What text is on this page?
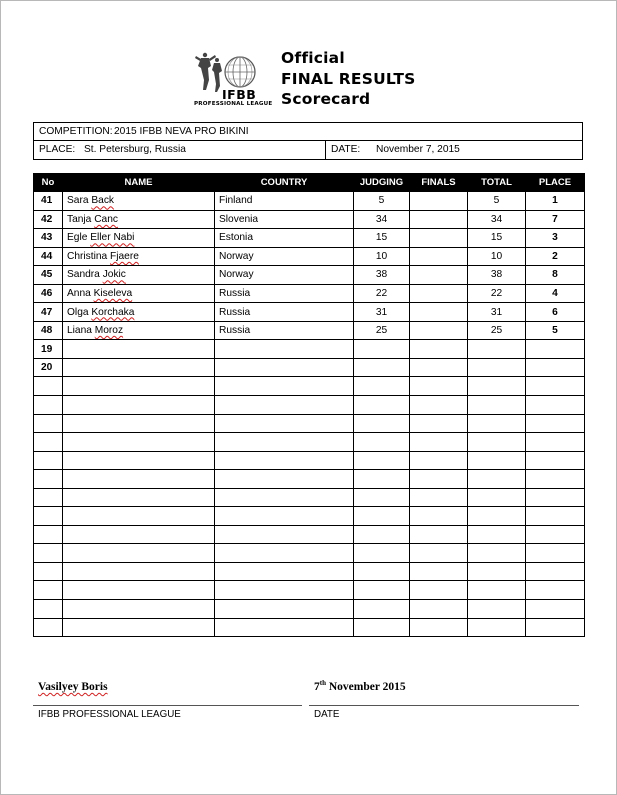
IFBB
PROFESSIONAL LEAGUE
Official
FINAL RESULTS
Scorecard
COMPETITION: 2015 IFBB NEVA PRO BIKINI
PLACE: St. Petersburg, Russia	DATE: November 7, 2015
No	NAME	COUNTRY	JUDGING	FINALS	TOTAL	PLACE
41	Sara Back	Finland	5		5	1
42	Tanja Canc	Slovenia	34		34	7
43	Egle Eller Nabi	Estonia	15		15	3
44	Christina Fjaere	Norway	10		10	2
45	Sandra Jokic	Norway	38		38	8
46	Anna Kiseleva	Russia	22		22	4
47	Olga Korchaka	Russia	31		31	6
48	Liana Moroz	Russia	25		25	5
19						
20						

Vasilyey Boris
IFBB PROFESSIONAL LEAGUE
7th November 2015
DATE
